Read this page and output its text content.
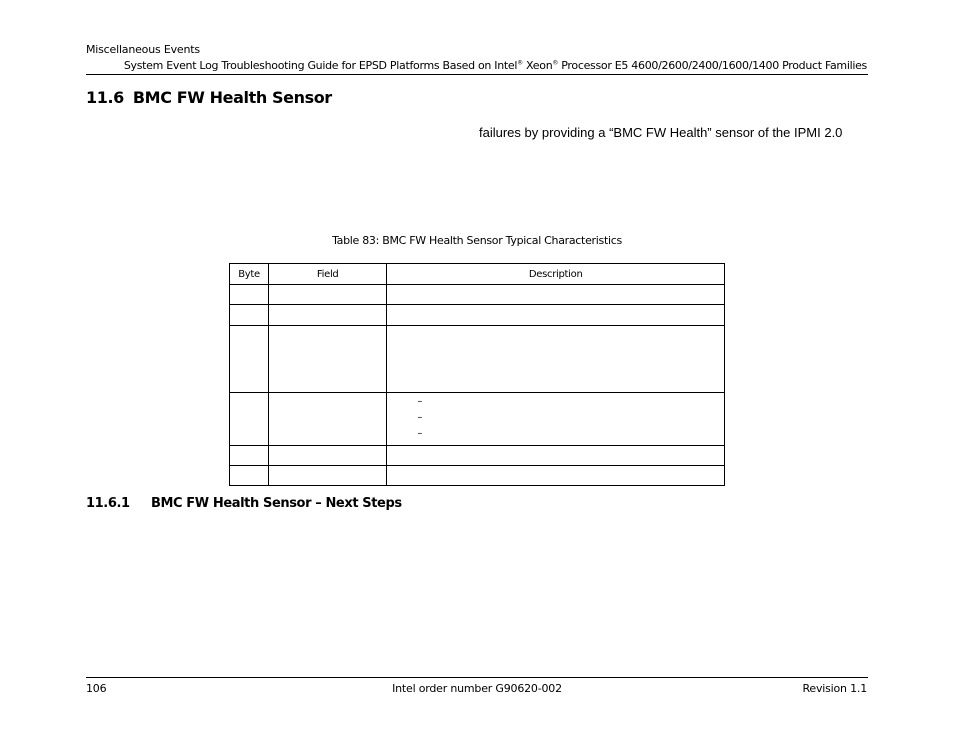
Miscellaneous Events
System Event Log Troubleshooting Guide for EPSD Platforms Based on Intel® Xeon® Processor E5 4600/2600/2400/1600/1400 Product Families
11.6 BMC FW Health Sensor
failures by providing a “BMC FW Health” sensor of the IPMI 2.0
Table 83: BMC FW Health Sensor Typical Characteristics
Byte	Field	Description

		–
–
–

11.6.1 BMC FW Health Sensor – Next Steps
106	Intel order number G90620-002	Revision 1.1
